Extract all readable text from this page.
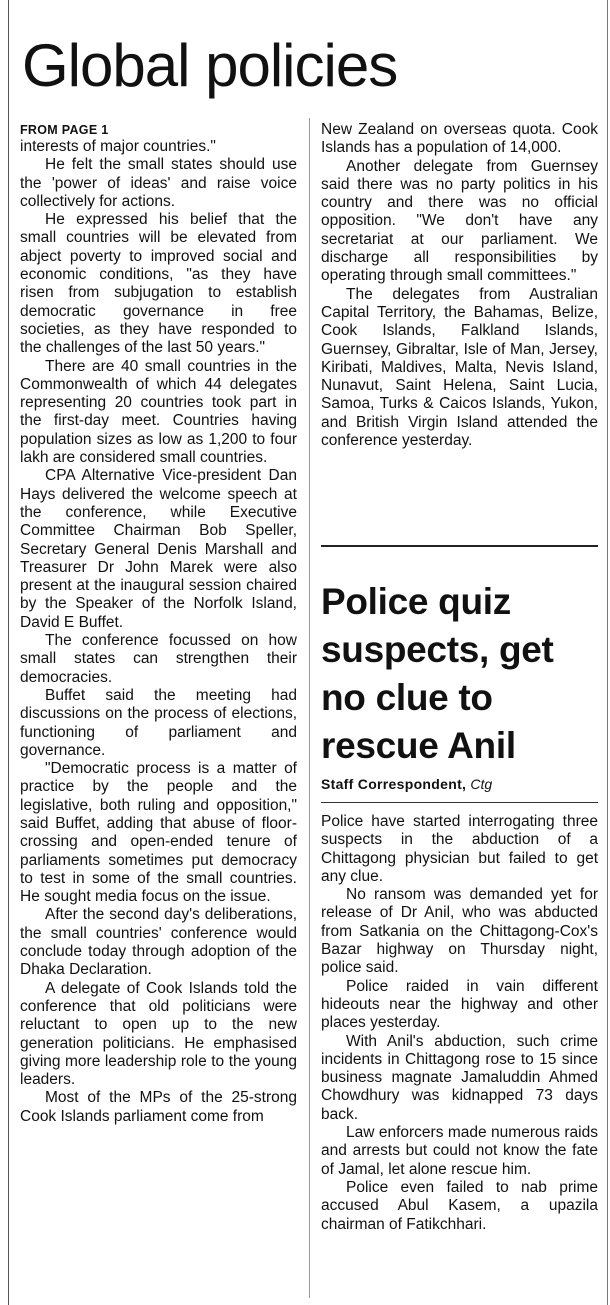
Global policies
FROM PAGE 1

interests of major countries."

He felt the small states should use the 'power of ideas' and raise voice collectively for actions.

He expressed his belief that the small countries will be elevated from abject poverty to improved social and economic conditions, "as they have risen from subjugation to establish democratic governance in free societies, as they have responded to the challenges of the last 50 years."

There are 40 small countries in the Commonwealth of which 44 delegates representing 20 countries took part in the first-day meet. Countries having population sizes as low as 1,200 to four lakh are considered small countries.

CPA Alternative Vice-president Dan Hays delivered the welcome speech at the conference, while Executive Committee Chairman Bob Speller, Secretary General Denis Marshall and Treasurer Dr John Marek were also present at the inaugural session chaired by the Speaker of the Norfolk Island, David E Buffet.

The conference focussed on how small states can strengthen their democracies.

Buffet said the meeting had discussions on the process of elections, functioning of parliament and governance.

"Democratic process is a matter of practice by the people and the legislative, both ruling and opposition," said Buffet, adding that abuse of floor-crossing and open-ended tenure of parliaments sometimes put democracy to test in some of the small countries. He sought media focus on the issue.

After the second day's deliberations, the small countries' conference would conclude today through adoption of the Dhaka Declaration.

A delegate of Cook Islands told the conference that old politicians were reluctant to open up to the new generation politicians. He emphasised giving more leadership role to the young leaders.

Most of the MPs of the 25-strong Cook Islands parliament come from

New Zealand on overseas quota. Cook Islands has a population of 14,000.

Another delegate from Guernsey said there was no party politics in his country and there was no official opposition. "We don't have any secretariat at our parliament. We discharge all responsibilities by operating through small committees."

The delegates from Australian Capital Territory, the Bahamas, Belize, Cook Islands, Falkland Islands, Guernsey, Gibraltar, Isle of Man, Jersey, Kiribati, Maldives, Malta, Nevis Island, Nunavut, Saint Helena, Saint Lucia, Samoa, Turks & Caicos Islands, Yukon, and British Virgin Island attended the conference yesterday.

Police quiz suspects, get no clue to rescue Anil
Staff Correspondent, Ctg

Police have started interrogating three suspects in the abduction of a Chittagong physician but failed to get any clue.

No ransom was demanded yet for release of Dr Anil, who was abducted from Satkania on the Chittagong-Cox's Bazar highway on Thursday night, police said.

Police raided in vain different hideouts near the highway and other places yesterday.

With Anil's abduction, such crime incidents in Chittagong rose to 15 since business magnate Jamaluddin Ahmed Chowdhury was kidnapped 73 days back.

Law enforcers made numerous raids and arrests but could not know the fate of Jamal, let alone rescue him.

Police even failed to nab prime accused Abul Kasem, a upazila chairman of Fatikchhari.
